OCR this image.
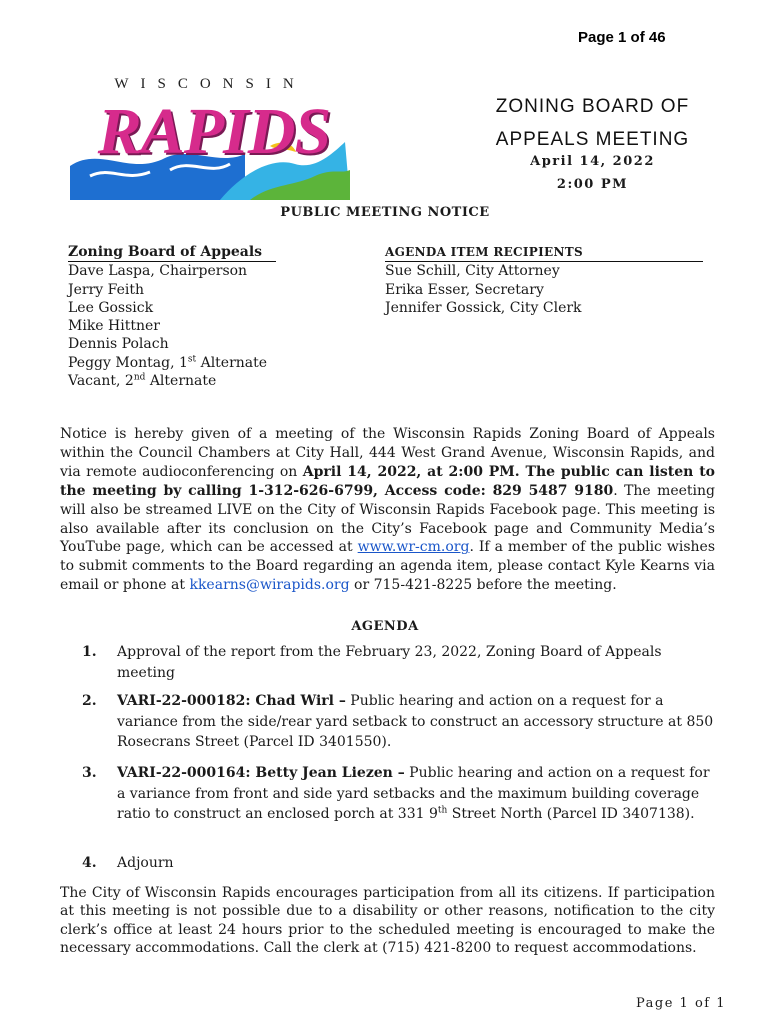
Page 1 of 46
WISCONSIN
RAPIDS	ZONING BOARD OF
APPEALS MEETING
April 14, 2022
2:00 PM
PUBLIC MEETING NOTICE
Zoning Board of Appeals
Dave Laspa, Chairperson
Jerry Feith
Lee Gossick
Mike Hittner
Dennis Polach
Peggy Montag, 1st Alternate
Vacant, 2nd Alternate
AGENDA ITEM RECIPIENTS
Sue Schill, City Attorney
Erika Esser, Secretary
Jennifer Gossick, City Clerk
Notice is hereby given of a meeting of the Wisconsin Rapids Zoning Board of Appeals within the Council Chambers at City Hall, 444 West Grand Avenue, Wisconsin Rapids, and via remote audioconferencing on April 14, 2022, at 2:00 PM. The public can listen to the meeting by calling 1-312-626-6799, Access code: 829 5487 9180. The meeting will also be streamed LIVE on the City of Wisconsin Rapids Facebook page. This meeting is also available after its conclusion on the City’s Facebook page and Community Media’s YouTube page, which can be accessed at www.wr-cm.org. If a member of the public wishes to submit comments to the Board regarding an agenda item, please contact Kyle Kearns via email or phone at kkearns@wirapids.org or 715-421-8225 before the meeting.
AGENDA
1.	Approval of the report from the February 23, 2022, Zoning Board of Appeals meeting
2.	VARI-22-000182: Chad Wirl – Public hearing and action on a request for a variance from the side/rear yard setback to construct an accessory structure at 850 Rosecrans Street (Parcel ID 3401550).
3.	VARI-22-000164: Betty Jean Liezen – Public hearing and action on a request for a variance from front and side yard setbacks and the maximum building coverage ratio to construct an enclosed porch at 331 9th Street North (Parcel ID 3407138).
4.	Adjourn
The City of Wisconsin Rapids encourages participation from all its citizens. If participation at this meeting is not possible due to a disability or other reasons, notification to the city clerk’s office at least 24 hours prior to the scheduled meeting is encouraged to make the necessary accommodations. Call the clerk at (715) 421-8200 to request accommodations.
Page 1 of 1
